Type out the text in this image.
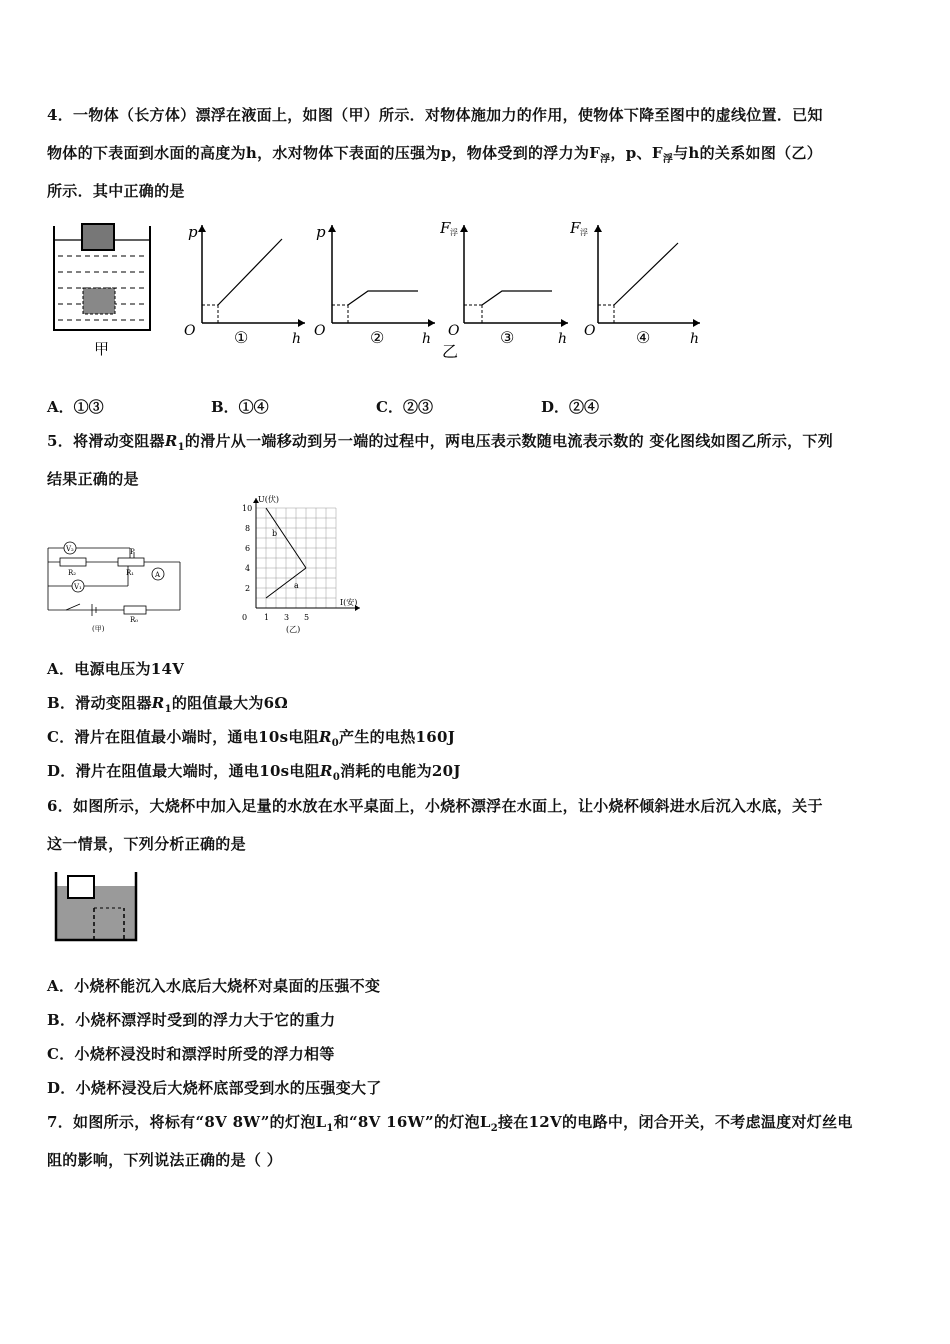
4．一物体（长方体）漂浮在液面上，如图（甲）所示．对物体施加力的作用，使物体下降至图中的虚线位置．已知
物体的下表面到水面的高度为h，水对物体下表面的压强为p，物体受到的浮力为$F_浮$，p、$F_浮$与h的关系如图（乙）
所示．其中正确的是
甲
p
O	h
①
p
O	h
②
F 浮
O	h
③
乙
F 浮
O	h
④
A．①③	B．①④	C．②③	D．②④
5．将滑动变阻器$R_1$的滑片从一端移动到另一端的过程中，两电压表示数随电流表示数的 变化图线如图乙所示，下列
结果正确的是
V₂
V₁
A
P
R₂	R₁
R₀
(甲)
U(伏)
I(安)
10
8
6
4
2
0 1 3 5
a
b
(乙)
A．电源电压为14V
B．滑动变阻器$R_1$的阻值最大为6Ω
C．滑片在阻值最小端时，通电10s电阻$R_0$产生的电热160J
D．滑片在阻值最大端时，通电10s电阻$R_0$消耗的电能为20J
6．如图所示，大烧杯中加入足量的水放在水平桌面上，小烧杯漂浮在水面上，让小烧杯倾斜进水后沉入水底，关于
这一情景，下列分析正确的是
A．小烧杯能沉入水底后大烧杯对桌面的压强不变
B．小烧杯漂浮时受到的浮力大于它的重力
C．小烧杯浸没时和漂浮时所受的浮力相等
D．小烧杯浸没后大烧杯底部受到水的压强变大了
7．如图所示，将标有“8V 8W”的灯泡$L_1$和“8V 16W”的灯泡$L_2$接在12V的电路中，闭合开关，不考虑温度对灯丝电
阻的影响，下列说法正确的是（ ）
